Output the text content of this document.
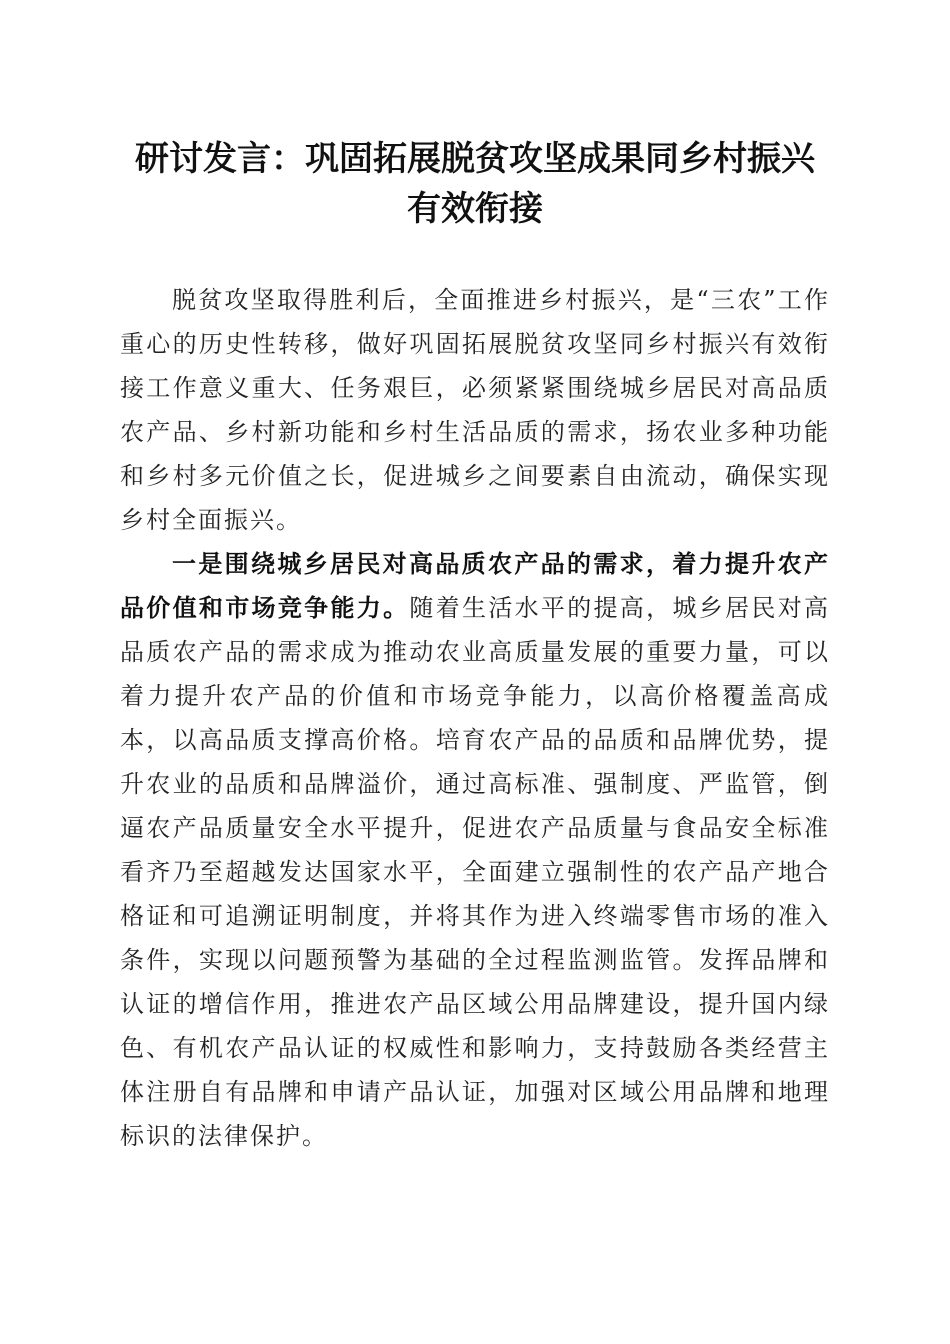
研讨发言：巩固拓展脱贫攻坚成果同乡村振兴
有效衔接

脱贫攻坚取得胜利后，全面推进乡村振兴，是“三农”工作重心的历史性转移，做好巩固拓展脱贫攻坚同乡村振兴有效衔接工作意义重大、任务艰巨，必须紧紧围绕城乡居民对高品质农产品、乡村新功能和乡村生活品质的需求，扬农业多种功能和乡村多元价值之长，促进城乡之间要素自由流动，确保实现乡村全面振兴。

一是围绕城乡居民对高品质农产品的需求，着力提升农产品价值和市场竞争能力。随着生活水平的提高，城乡居民对高品质农产品的需求成为推动农业高质量发展的重要力量，可以着力提升农产品的价值和市场竞争能力，以高价格覆盖高成本，以高品质支撑高价格。培育农产品的品质和品牌优势，提升农业的品质和品牌溢价，通过高标准、强制度、严监管，倒逼农产品质量安全水平提升，促进农产品质量与食品安全标准看齐乃至超越发达国家水平，全面建立强制性的农产品产地合格证和可追溯证明制度，并将其作为进入终端零售市场的准入条件，实现以问题预警为基础的全过程监测监管。发挥品牌和认证的增信作用，推进农产品区域公用品牌建设，提升国内绿色、有机农产品认证的权威性和影响力，支持鼓励各类经营主体注册自有品牌和申请产品认证，加强对区域公用品牌和地理标识的法律保护。
